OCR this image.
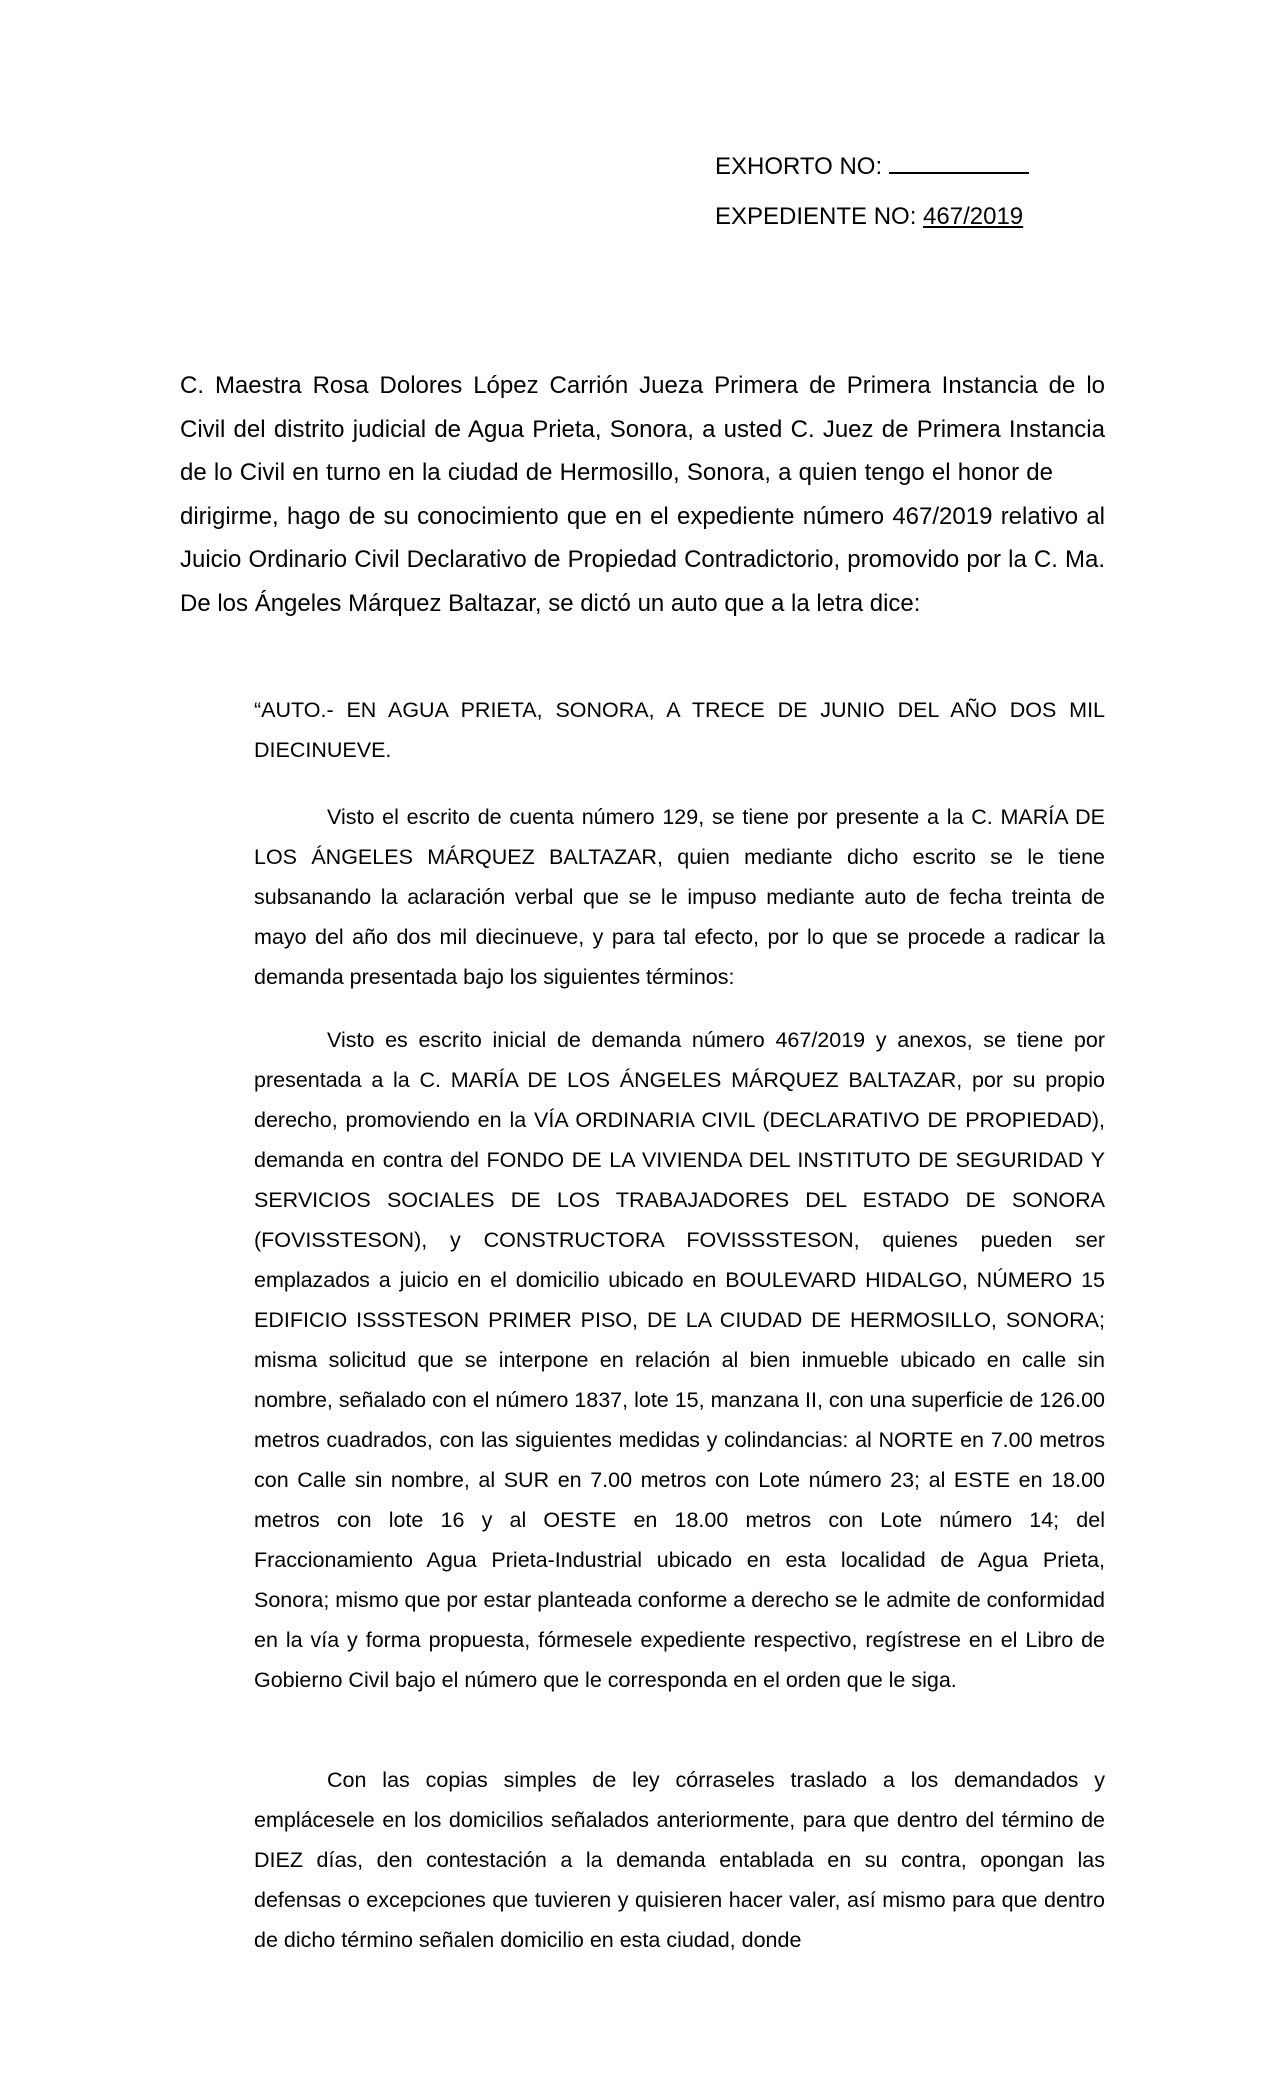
EXHORTO NO:
EXPEDIENTE NO: 467/2019
C. Maestra Rosa Dolores López Carrión Jueza Primera de Primera Instancia de lo Civil del distrito judicial de Agua Prieta, Sonora, a usted C. Juez de Primera Instancia de lo Civil en turno en la ciudad de Hermosillo, Sonora, a quien tengo el honor dedirigirme, hago de su conocimiento que en el expediente número 467/2019 relativo al Juicio Ordinario Civil Declarativo de Propiedad Contradictorio, promovido por la C. Ma. De los Ángeles Márquez Baltazar, se dictó un auto que a la letra dice:

“AUTO.- EN AGUA PRIETA, SONORA, A TRECE DE JUNIO DEL AÑO DOS MIL DIECINUEVE.

Visto el escrito de cuenta número 129, se tiene por presente a la C. MARÍA DE LOS ÁNGELES MÁRQUEZ BALTAZAR, quien mediante dicho escrito se le tiene subsanando la aclaración verbal que se le impuso mediante auto de fecha treinta de mayo del año dos mil diecinueve, y para tal efecto, por lo que se procede a radicar la demanda presentada bajo los siguientes términos:

Visto es escrito inicial de demanda número 467/2019 y anexos, se tiene por presentada a la C. MARÍA DE LOS ÁNGELES MÁRQUEZ BALTAZAR, por su propio derecho, promoviendo en la VÍA ORDINARIA CIVIL (DECLARATIVO DE PROPIEDAD), demanda en contra del FONDO DE LA VIVIENDA DEL INSTITUTO DE SEGURIDAD Y SERVICIOS SOCIALES DE LOS TRABAJADORES DEL ESTADO DE SONORA (FOVISSTESON), y CONSTRUCTORA FOVISSSTESON, quienes pueden ser emplazados a juicio en el domicilio ubicado en BOULEVARD HIDALGO, NÚMERO 15 EDIFICIO ISSSTESON PRIMER PISO, DE LA CIUDAD DE HERMOSILLO, SONORA; misma solicitud que se interpone en relación al bien inmueble ubicado en calle sin nombre, señalado con el número 1837, lote 15, manzana II, con una superficie de 126.00 metros cuadrados, con las siguientes medidas y colindancias: al NORTE en 7.00 metros con Calle sin nombre, al SUR en 7.00 metros con Lote número 23; al ESTE en 18.00 metros con lote 16 y al OESTE en 18.00 metros con Lote número 14; del Fraccionamiento Agua Prieta-Industrial ubicado en esta localidad de Agua Prieta, Sonora; mismo que por estar planteada conforme a derecho se le admite de conformidad en la vía y forma propuesta, fórmesele expediente respectivo, regístrese en el Libro de Gobierno Civil bajo el número que le corresponda en el orden que le siga.

Con las copias simples de ley córraseles traslado a los demandados y emplácesele en los domicilios señalados anteriormente, para que dentro del término de DIEZ días, den contestación a la demanda entablada en su contra, opongan las defensas o excepciones que tuvieren y quisieren hacer valer, así mismo para que dentro de dicho término señalen domicilio en esta ciudad, donde
